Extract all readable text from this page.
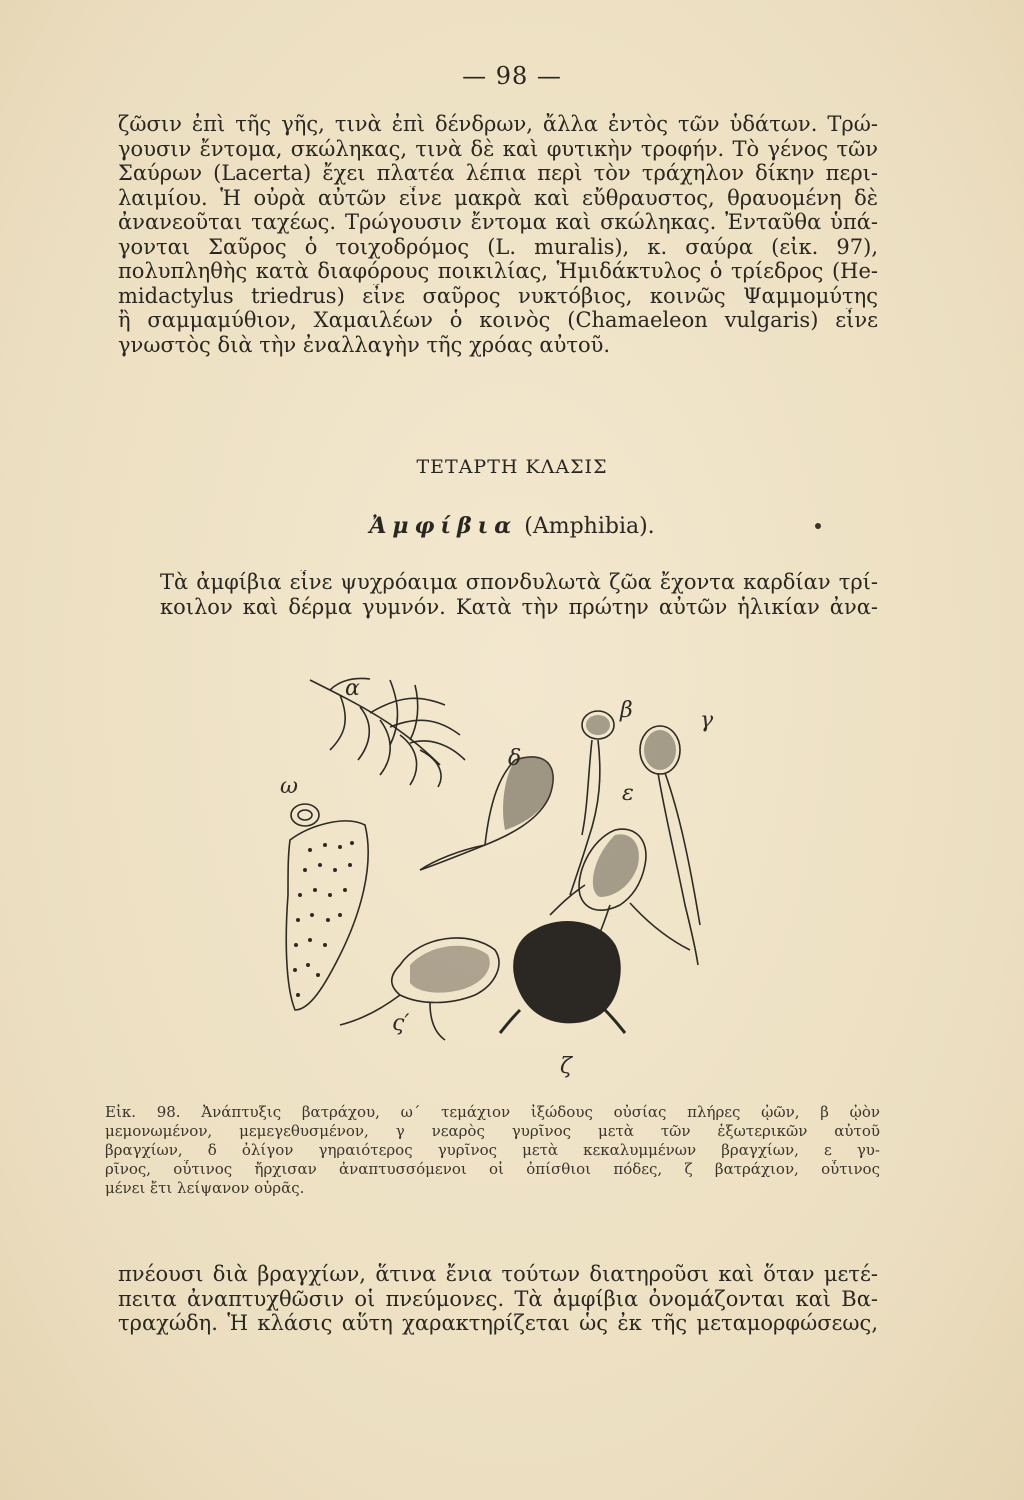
— 98 —
ζῶσιν ἐπὶ τῆς γῆς, τινὰ ἐπὶ δένδρων, ἄλλα ἐντὸς τῶν ὑδάτων. Τρώ-
γουσιν ἔντομα, σκώληκας, τινὰ δὲ καὶ φυτικὴν τροφήν. Τὸ γένος τῶν
Σαύρων (Lacerta) ἔχει πλατέα λέπια περὶ τὸν τράχηλον δίκην περι-
λαιμίου. Ἡ οὐρὰ αὐτῶν εἶνε μακρὰ καὶ εὔθραυστος, θραυομένη δὲ
ἀνανεοῦται ταχέως. Τρώγουσιν ἔντομα καὶ σκώληκας. Ἐνταῦθα ὑπά-
γονται Σαῦρος ὁ τοιχοδρόμος (L. muralis), κ. σαύρα (εἰκ. 97),
πολυπληθὴς κατὰ διαφόρους ποικιλίας, Ἡμιδάκτυλος ὁ τρίεδρος (He-
midactylus triedrus) εἶνε σαῦρος νυκτόβιος, κοινῶς Ψαμμομύτης
ἢ σαμμαμύθιον, Χαμαιλέων ὁ κοινὸς (Chamaeleon vulgaris) εἶνε
γνωστὸς διὰ τὴν ἐναλλαγὴν τῆς χρόας αὐτοῦ.
ΤΕΤΑΡΤΗ ΚΛΑΣΙΣ
Ἀμφίβια (Amphibia).
Τὰ ἀμφίβια εἶνε ψυχρόαιμα σπονδυλωτὰ ζῶα ἔχοντα καρδίαν τρί-
κοιλον καὶ δέρμα γυμνόν. Κατὰ τὴν πρώτην αὐτῶν ἡλικίαν ἀνα-
α
β	γ
δ
ε
ω
ς′
ζ
Εἰκ. 98. Ἀνάπτυξις βατράχου, ω΄ τεμάχιον ἰξώδους οὐσίας πλήρες ᾠῶν, β ᾠὸν
μεμονωμένον, μεμεγεθυσμένον, γ νεαρὸς γυρῖνος μετὰ τῶν ἐξωτερικῶν αὐτοῦ
βραγχίων, δ ὀλίγον γηραιότερος γυρῖνος μετὰ κεκαλυμμένων βραγχίων, ε γυ-
ρῖνος, οὗτινος ἤρχισαν ἀναπτυσσόμενοι οἱ ὀπίσθιοι πόδες, ζ βατράχιον, οὗτινος
μένει ἔτι λείψανον οὐρᾶς.
πνέουσι διὰ βραγχίων, ἅτινα ἔνια τούτων διατηροῦσι καὶ ὅταν μετέ-
πειτα ἀναπτυχθῶσιν οἱ πνεύμονες. Τὰ ἀμφίβια ὀνομάζονται καὶ Βα-
τραχώδη. Ἡ κλάσις αὕτη χαρακτηρίζεται ὡς ἐκ τῆς μεταμορφώσεως,
